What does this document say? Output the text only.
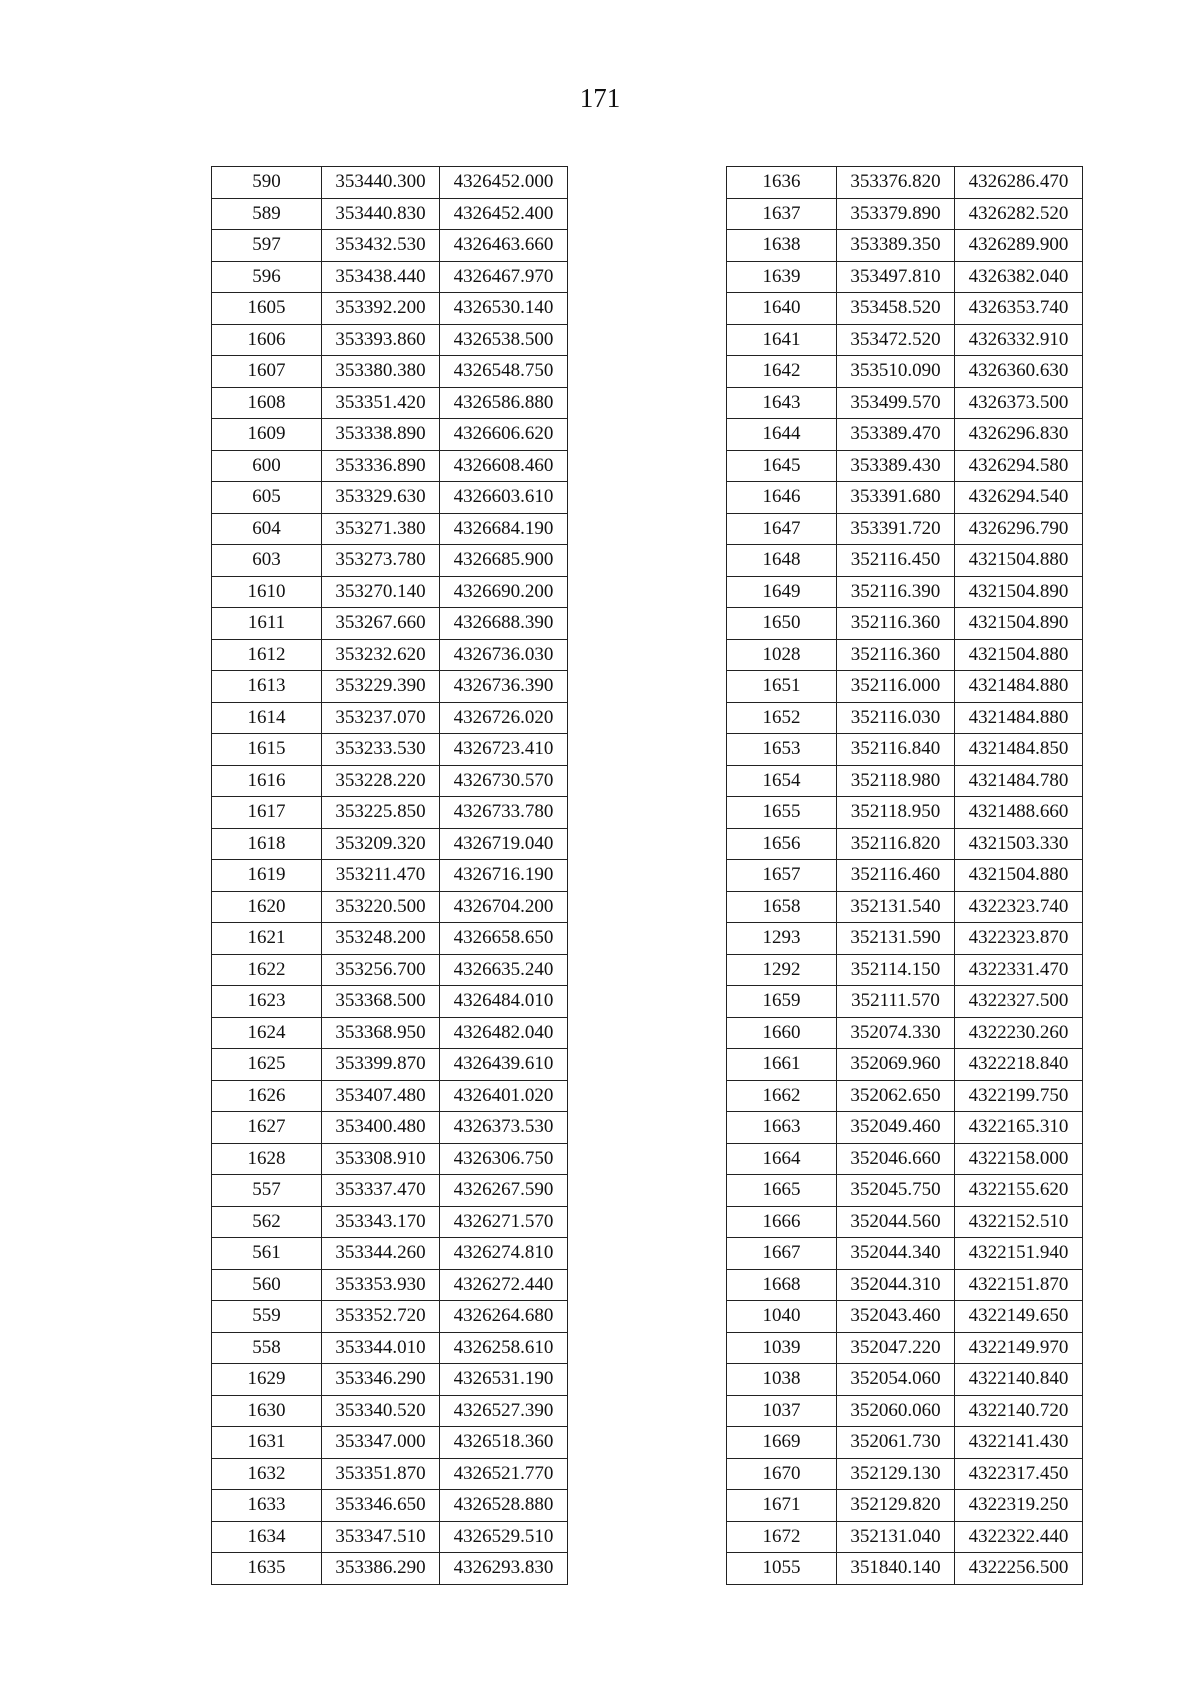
171
590	353440.300	4326452.000
589	353440.830	4326452.400
597	353432.530	4326463.660
596	353438.440	4326467.970
1605	353392.200	4326530.140
1606	353393.860	4326538.500
1607	353380.380	4326548.750
1608	353351.420	4326586.880
1609	353338.890	4326606.620
600	353336.890	4326608.460
605	353329.630	4326603.610
604	353271.380	4326684.190
603	353273.780	4326685.900
1610	353270.140	4326690.200
1611	353267.660	4326688.390
1612	353232.620	4326736.030
1613	353229.390	4326736.390
1614	353237.070	4326726.020
1615	353233.530	4326723.410
1616	353228.220	4326730.570
1617	353225.850	4326733.780
1618	353209.320	4326719.040
1619	353211.470	4326716.190
1620	353220.500	4326704.200
1621	353248.200	4326658.650
1622	353256.700	4326635.240
1623	353368.500	4326484.010
1624	353368.950	4326482.040
1625	353399.870	4326439.610
1626	353407.480	4326401.020
1627	353400.480	4326373.530
1628	353308.910	4326306.750
557	353337.470	4326267.590
562	353343.170	4326271.570
561	353344.260	4326274.810
560	353353.930	4326272.440
559	353352.720	4326264.680
558	353344.010	4326258.610
1629	353346.290	4326531.190
1630	353340.520	4326527.390
1631	353347.000	4326518.360
1632	353351.870	4326521.770
1633	353346.650	4326528.880
1634	353347.510	4326529.510
1635	353386.290	4326293.830
1636	353376.820	4326286.470
1637	353379.890	4326282.520
1638	353389.350	4326289.900
1639	353497.810	4326382.040
1640	353458.520	4326353.740
1641	353472.520	4326332.910
1642	353510.090	4326360.630
1643	353499.570	4326373.500
1644	353389.470	4326296.830
1645	353389.430	4326294.580
1646	353391.680	4326294.540
1647	353391.720	4326296.790
1648	352116.450	4321504.880
1649	352116.390	4321504.890
1650	352116.360	4321504.890
1028	352116.360	4321504.880
1651	352116.000	4321484.880
1652	352116.030	4321484.880
1653	352116.840	4321484.850
1654	352118.980	4321484.780
1655	352118.950	4321488.660
1656	352116.820	4321503.330
1657	352116.460	4321504.880
1658	352131.540	4322323.740
1293	352131.590	4322323.870
1292	352114.150	4322331.470
1659	352111.570	4322327.500
1660	352074.330	4322230.260
1661	352069.960	4322218.840
1662	352062.650	4322199.750
1663	352049.460	4322165.310
1664	352046.660	4322158.000
1665	352045.750	4322155.620
1666	352044.560	4322152.510
1667	352044.340	4322151.940
1668	352044.310	4322151.870
1040	352043.460	4322149.650
1039	352047.220	4322149.970
1038	352054.060	4322140.840
1037	352060.060	4322140.720
1669	352061.730	4322141.430
1670	352129.130	4322317.450
1671	352129.820	4322319.250
1672	352131.040	4322322.440
1055	351840.140	4322256.500
